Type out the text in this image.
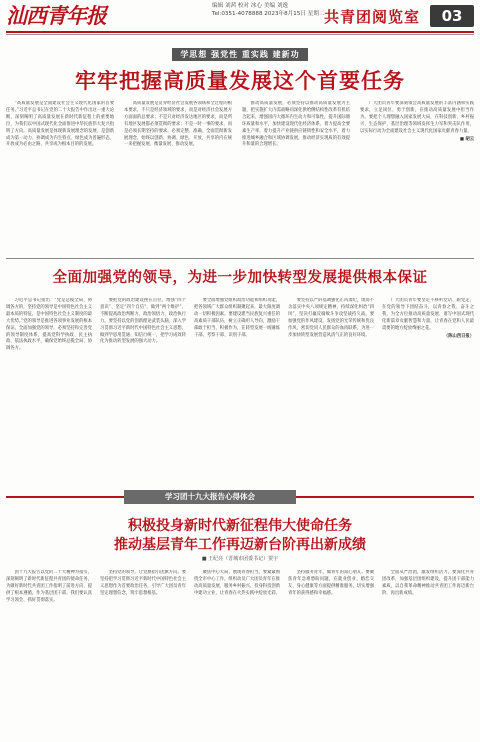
汕西青年报	编辑 刘茜 校对 冰心 美编 刘逸
Tel:0351-4078888 2023年8月15日 星期二 共青团阅览室	03
学思想 强党性 重实践 建新功
牢牢把握高质量发展这个首要任务

“高质量发展是全面建设社会主义现代化国家的首要任务。”习近平总书记在党的二十大报告中作出这一重大论断，深刻阐明了高质量发展在新时代新征程上的重要地位，为我们以中国式现代化全面推进中华民族伟大复兴指明了方向。高质量发展是体现新发展理念的发展，是创新成为第一动力、协调成为内生特点、绿色成为普遍形态、开放成为必由之路、共享成为根本目的的发展。

高质量发展是贯穿经济社会发展各领域和全过程的根本要求，不只是经济领域的要求，而是对经济社会发展方方面面的总要求；不是只对经济发达地区的要求，而是所有地区发展都必须贯彻的要求；不是一时一事的要求，而是必须长期坚持的要求。必须完整、准确、全面贯彻新发展理念，始终以创新、协调、绿色、开放、共享的内在统一来把握发展、衡量发展、推动发展。

推动高质量发展，必须坚持以推动高质量发展为主题，把实施扩大内需战略同深化供给侧结构性改革有机结合起来，增强国内大循环内生动力和可靠性，提升国际循环质量和水平，加快建设现代化经济体系，着力提高全要素生产率，着力提升产业链供应链韧性和安全水平，着力推进城乡融合和区域协调发展，推动经济实现质的有效提升和量的合理增长。

广大团员青年要深刻领会高质量发展的丰富内涵和实践要求，立足岗位、勇于创新，在推动高质量发展中担当作为。要把个人理想融入国家发展大局，在科技创新、乡村振兴、生态保护、基层治理等领域发挥生力军和突击队作用，以实际行动为全面建设社会主义现代化国家贡献青春力量。

■ 胡云
全面加强党的领导，为进一步加快转型发展提供根本保证

习近平总书记指出：“党是总揽全局、协调各方的，坚持党的领导是中国特色社会主义最本质的特征，是中国特色社会主义制度的最大优势。”党的领导是推进各项事业发展的根本保证。全面加强党的领导，必须坚持和完善党的领导制度体系，提高党科学执政、民主执政、依法执政水平，确保党始终总揽全局、协调各方。

要把党的政治建设摆在首位，增强“四个意识”、坚定“四个自信”、做到“两个维护”，不断提高政治判断力、政治领悟力、政治执行力。要坚持以党的创新理论武装头脑，深入学习贯彻习近平新时代中国特色社会主义思想，做到学思用贯通、知信行统一，把学习成效转化为推动转型发展的强大动力。

要全面增强党组织政治功能和组织功能，把各领域广大群众组织凝聚起来，最大限度调动一切积极因素。要建设堪当民族复兴重任的高素质干部队伍，树立正确用人导向，激励干部敢于担当、积极作为，在转型发展一线锤炼干部、考察干部、识别干部。

要坚持以严的基调强化正风肃纪，锲而不舍落实中央八项规定精神，持续深化纠治“四风”，坚决打赢反腐败斗争攻坚战持久战。要加强党的作风建设，发扬党的光荣传统和优良作风，密切党同人民群众的血肉联系，为进一步加快转型发展营造风清气正的良好环境。

广大团员青年要坚定不移听党话、跟党走，在党的领导下团结奋斗，以青春之我、奋斗之我，为全方位推动高质量发展、谱写中国式现代化新篇章贡献智慧和力量，让青春在党和人民最需要的地方绽放绚丽之花。

（陈山西日报）
学习团十九大报告心得体会
积极投身新时代新征程伟大使命任务
推动基层青年工作再迈新台阶再出新成绩
■ 王纪亮（晋城市团委书记）贺宇

团十九大报告以党的二十大精神为指引，深刻阐明了新时代新征程共青团的使命任务，为做好新时代共青团工作指明了前进方向、提供了根本遵循。作为基层团干部，我们要认真学习领会、抓好贯彻落实。

坚持党的领导，让党旗指引团旗方向。要坚持把学习贯彻习近平新时代中国特色社会主义思想作为首要政治任务，引导广大团员青年坚定理想信念，筑牢思想根基。

聚焦中心大局，展现青春担当。要紧紧围绕全市中心工作，组织动员广大团员青年在推动高质量发展、服务乡村振兴、投身科技创新中建功立业，让青春在火热实践中绽放光彩。

坚持服务青年，做青年的知心朋友。要聚焦青年急难愁盼问题，在就业创业、婚恋交友、身心健康等方面提供精准服务，切实增强青年的获得感和幸福感。

全面从严治团，激发组织活力。要深化共青团改革，加强基层团组织建设，提升团干部能力素质，以自我革命精神推动共青团工作再迈新台阶、再出新成绩。
